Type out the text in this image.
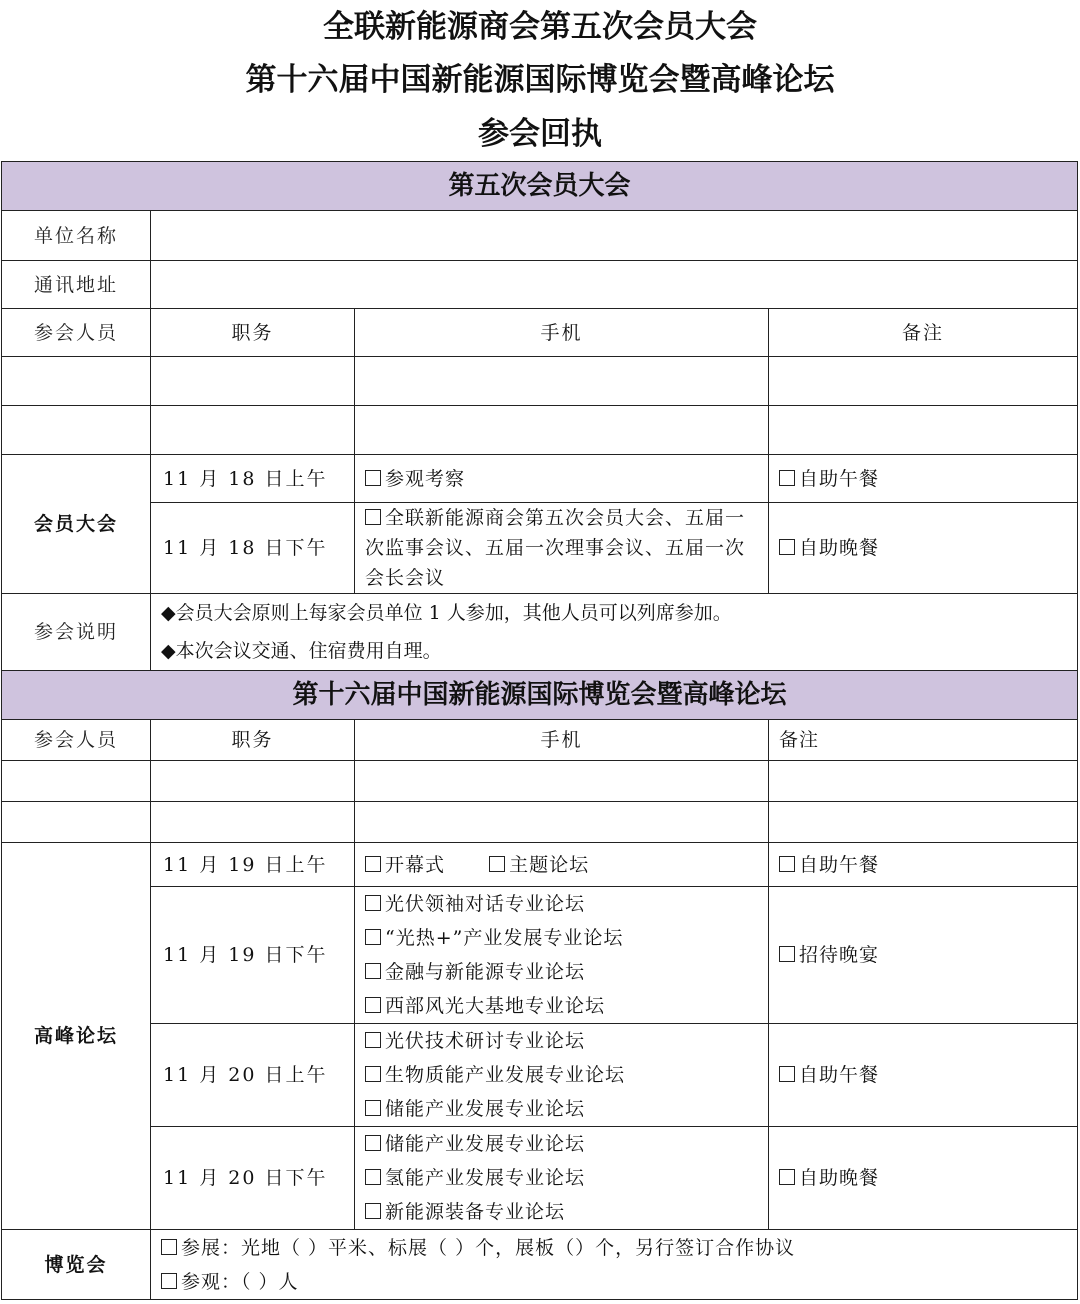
全联新能源商会第五次会员大会
第十六届中国新能源国际博览会暨高峰论坛
参会回执
第五次会员大会			
单位名称			
通讯地址			
参会人员	职务	手机	备注

会员大会	11 月 18 日上午	参观考察	自助午餐
	11 月 18 日下午	全联新能源商会第五次会员大会、五届一次监事会议、五届一次理事会议、五届一次会长会议	自助晚餐
参会说明	◆会员大会原则上每家会员单位 1 人参加，其他人员可以列席参加。
◆本次会议交通、住宿费用自理。		

第十六届中国新能源国际博览会暨高峰论坛			
参会人员	职务	手机	备注

高峰论坛	11 月 19 日上午	开幕式 主题论坛	自助午餐
	11 月 19 日下午	光伏领袖对话专业论坛
“光热+”产业发展专业论坛
金融与新能源专业论坛
西部风光大基地专业论坛	招待晚宴
	11 月 20 日上午	光伏技术研讨专业论坛
生物质能产业发展专业论坛
储能产业发展专业论坛	自助午餐
	11 月 20 日下午	储能产业发展专业论坛
氢能产业发展专业论坛
新能源装备专业论坛	自助晚餐
博览会	参展：光地（ ）平米、标展（ ）个，展板（）个，另行签订合作协议
参观：（ ）人		
